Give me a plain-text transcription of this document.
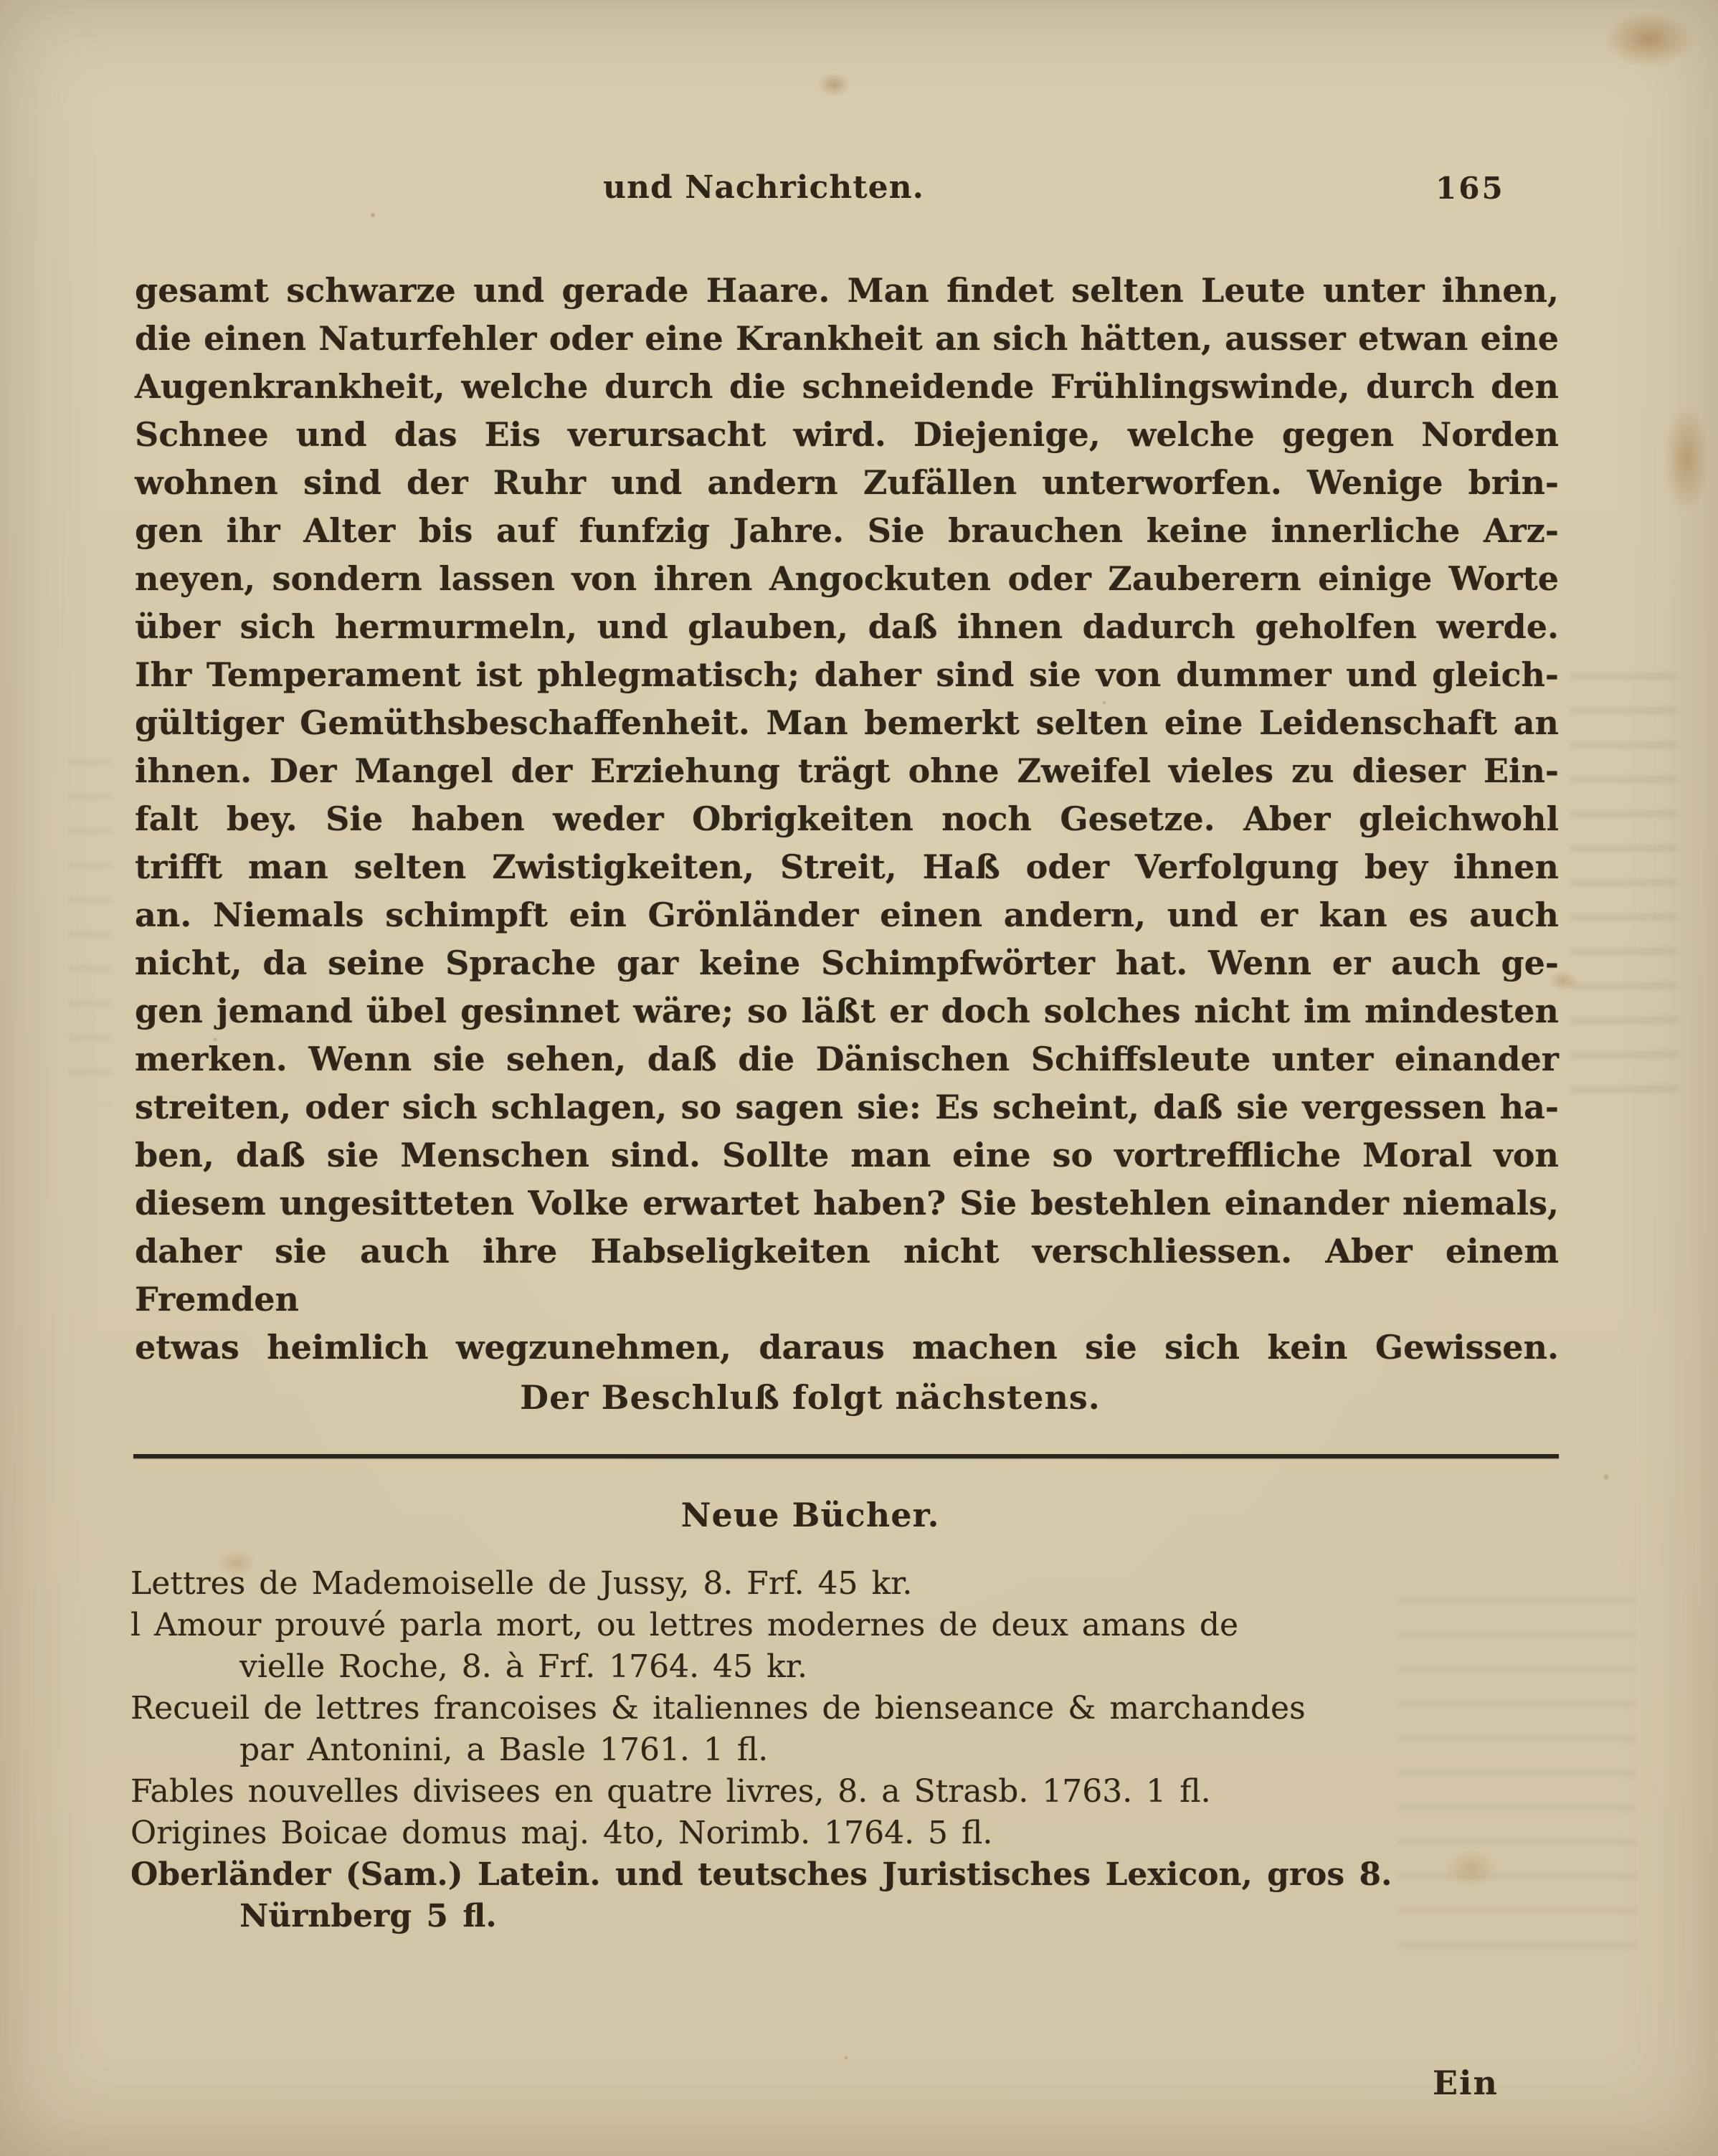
und Nachrichten.	165
gesamt schwarze und gerade Haare. Man findet selten Leute unter ihnen,
die einen Naturfehler oder eine Krankheit an sich hätten, ausser etwan eine
Augenkrankheit, welche durch die schneidende Frühlingswinde, durch den
Schnee und das Eis verursacht wird. Diejenige, welche gegen Norden
wohnen sind der Ruhr und andern Zufällen unterworfen. Wenige brin-
gen ihr Alter bis auf funfzig Jahre. Sie brauchen keine innerliche Arz-
neyen, sondern lassen von ihren Angockuten oder Zauberern einige Worte
über sich hermurmeln, und glauben, daß ihnen dadurch geholfen werde.
Ihr Temperament ist phlegmatisch; daher sind sie von dummer und gleich-
gültiger Gemüthsbeschaffenheit. Man bemerkt selten eine Leidenschaft an
ihnen. Der Mangel der Erziehung trägt ohne Zweifel vieles zu dieser Ein-
falt bey. Sie haben weder Obrigkeiten noch Gesetze. Aber gleichwohl
trifft man selten Zwistigkeiten, Streit, Haß oder Verfolgung bey ihnen
an. Niemals schimpft ein Grönländer einen andern, und er kan es auch
nicht, da seine Sprache gar keine Schimpfwörter hat. Wenn er auch ge-
gen jemand übel gesinnet wäre; so läßt er doch solches nicht im mindesten
merken. Wenn sie sehen, daß die Dänischen Schiffsleute unter einander
streiten, oder sich schlagen, so sagen sie: Es scheint, daß sie vergessen ha-
ben, daß sie Menschen sind. Sollte man eine so vortreffliche Moral von
diesem ungesitteten Volke erwartet haben? Sie bestehlen einander niemals,
daher sie auch ihre Habseligkeiten nicht verschliessen. Aber einem Fremden
etwas heimlich wegzunehmen, daraus machen sie sich kein Gewissen.
Der Beschluß folgt nächstens.
Neue Bücher.
Lettres de Mademoiselle de Jussy, 8. Frf. 45 kr.
l Amour prouvé parla mort, ou lettres modernes de deux amans de
vielle Roche, 8. à Frf. 1764. 45 kr.
Recueil de lettres francoises & italiennes de bienseance & marchandes
par Antonini, a Basle 1761. 1 fl.
Fables nouvelles divisees en quatre livres, 8. a Strasb. 1763. 1 fl.
Origines Boicae domus maj. 4to, Norimb. 1764. 5 fl.
Oberländer (Sam.) Latein. und teutsches Juristisches Lexicon, gros 8.
Nürnberg 5 fl.
Ein
